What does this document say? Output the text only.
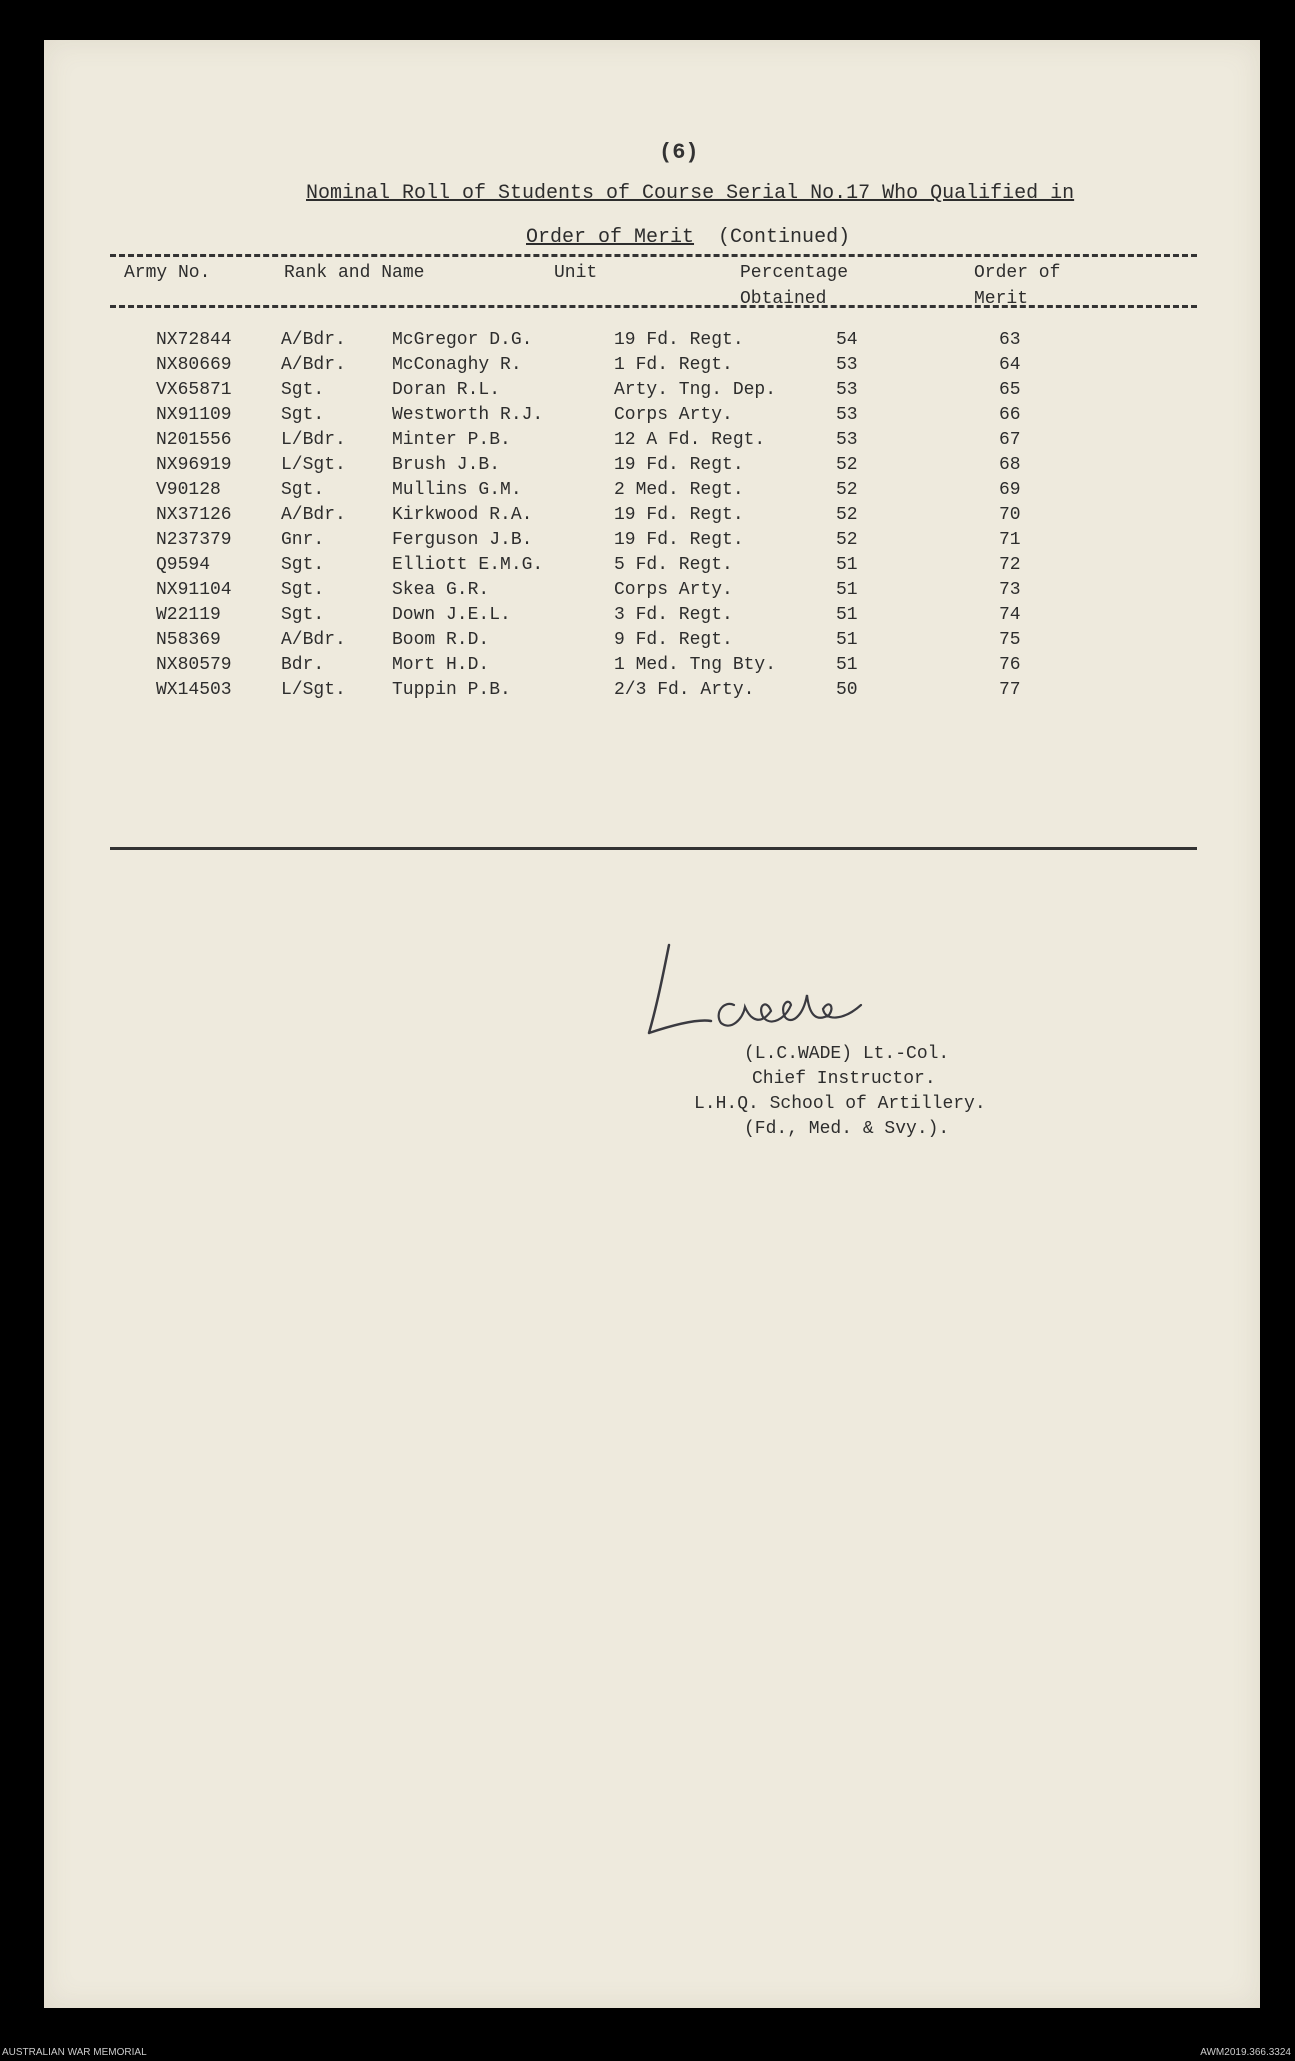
(6)
Nominal Roll of Students of Course Serial No.17 Who Qualified in
Order of Merit (Continued)
Army No.	Rank and Name	Unit	Percentage
Obtained
Order of
Merit
NX72844	A/Bdr.	McGregor D.G.	19 Fd. Regt.	54	63
NX80669	A/Bdr.	McConaghy R.	1 Fd. Regt.	53	64
VX65871	Sgt.	Doran R.L.	Arty. Tng. Dep.	53	65
NX91109	Sgt.	Westworth R.J.	Corps Arty.	53	66
N201556	L/Bdr.	Minter P.B.	12 A Fd. Regt.	53	67
NX96919	L/Sgt.	Brush J.B.	19 Fd. Regt.	52	68
V90128	Sgt.	Mullins G.M.	2 Med. Regt.	52	69
NX37126	A/Bdr.	Kirkwood R.A.	19 Fd. Regt.	52	70
N237379	Gnr.	Ferguson J.B.	19 Fd. Regt.	52	71
Q9594	Sgt.	Elliott E.M.G.	5 Fd. Regt.	51	72
NX91104	Sgt.	Skea G.R.	Corps Arty.	51	73
W22119	Sgt.	Down J.E.L.	3 Fd. Regt.	51	74
N58369	A/Bdr.	Boom R.D.	9 Fd. Regt.	51	75
NX80579	Bdr.	Mort H.D.	1 Med. Tng Bty.	51	76
WX14503	L/Sgt.	Tuppin P.B.	2/3 Fd. Arty.	50	77
LCWade
(L.C.WADE) Lt.-Col.
Chief Instructor.
L.H.Q. School of Artillery.
(Fd., Med. & Svy.).
AUSTRALIAN WAR MEMORIAL	AWM2019.366.3324
